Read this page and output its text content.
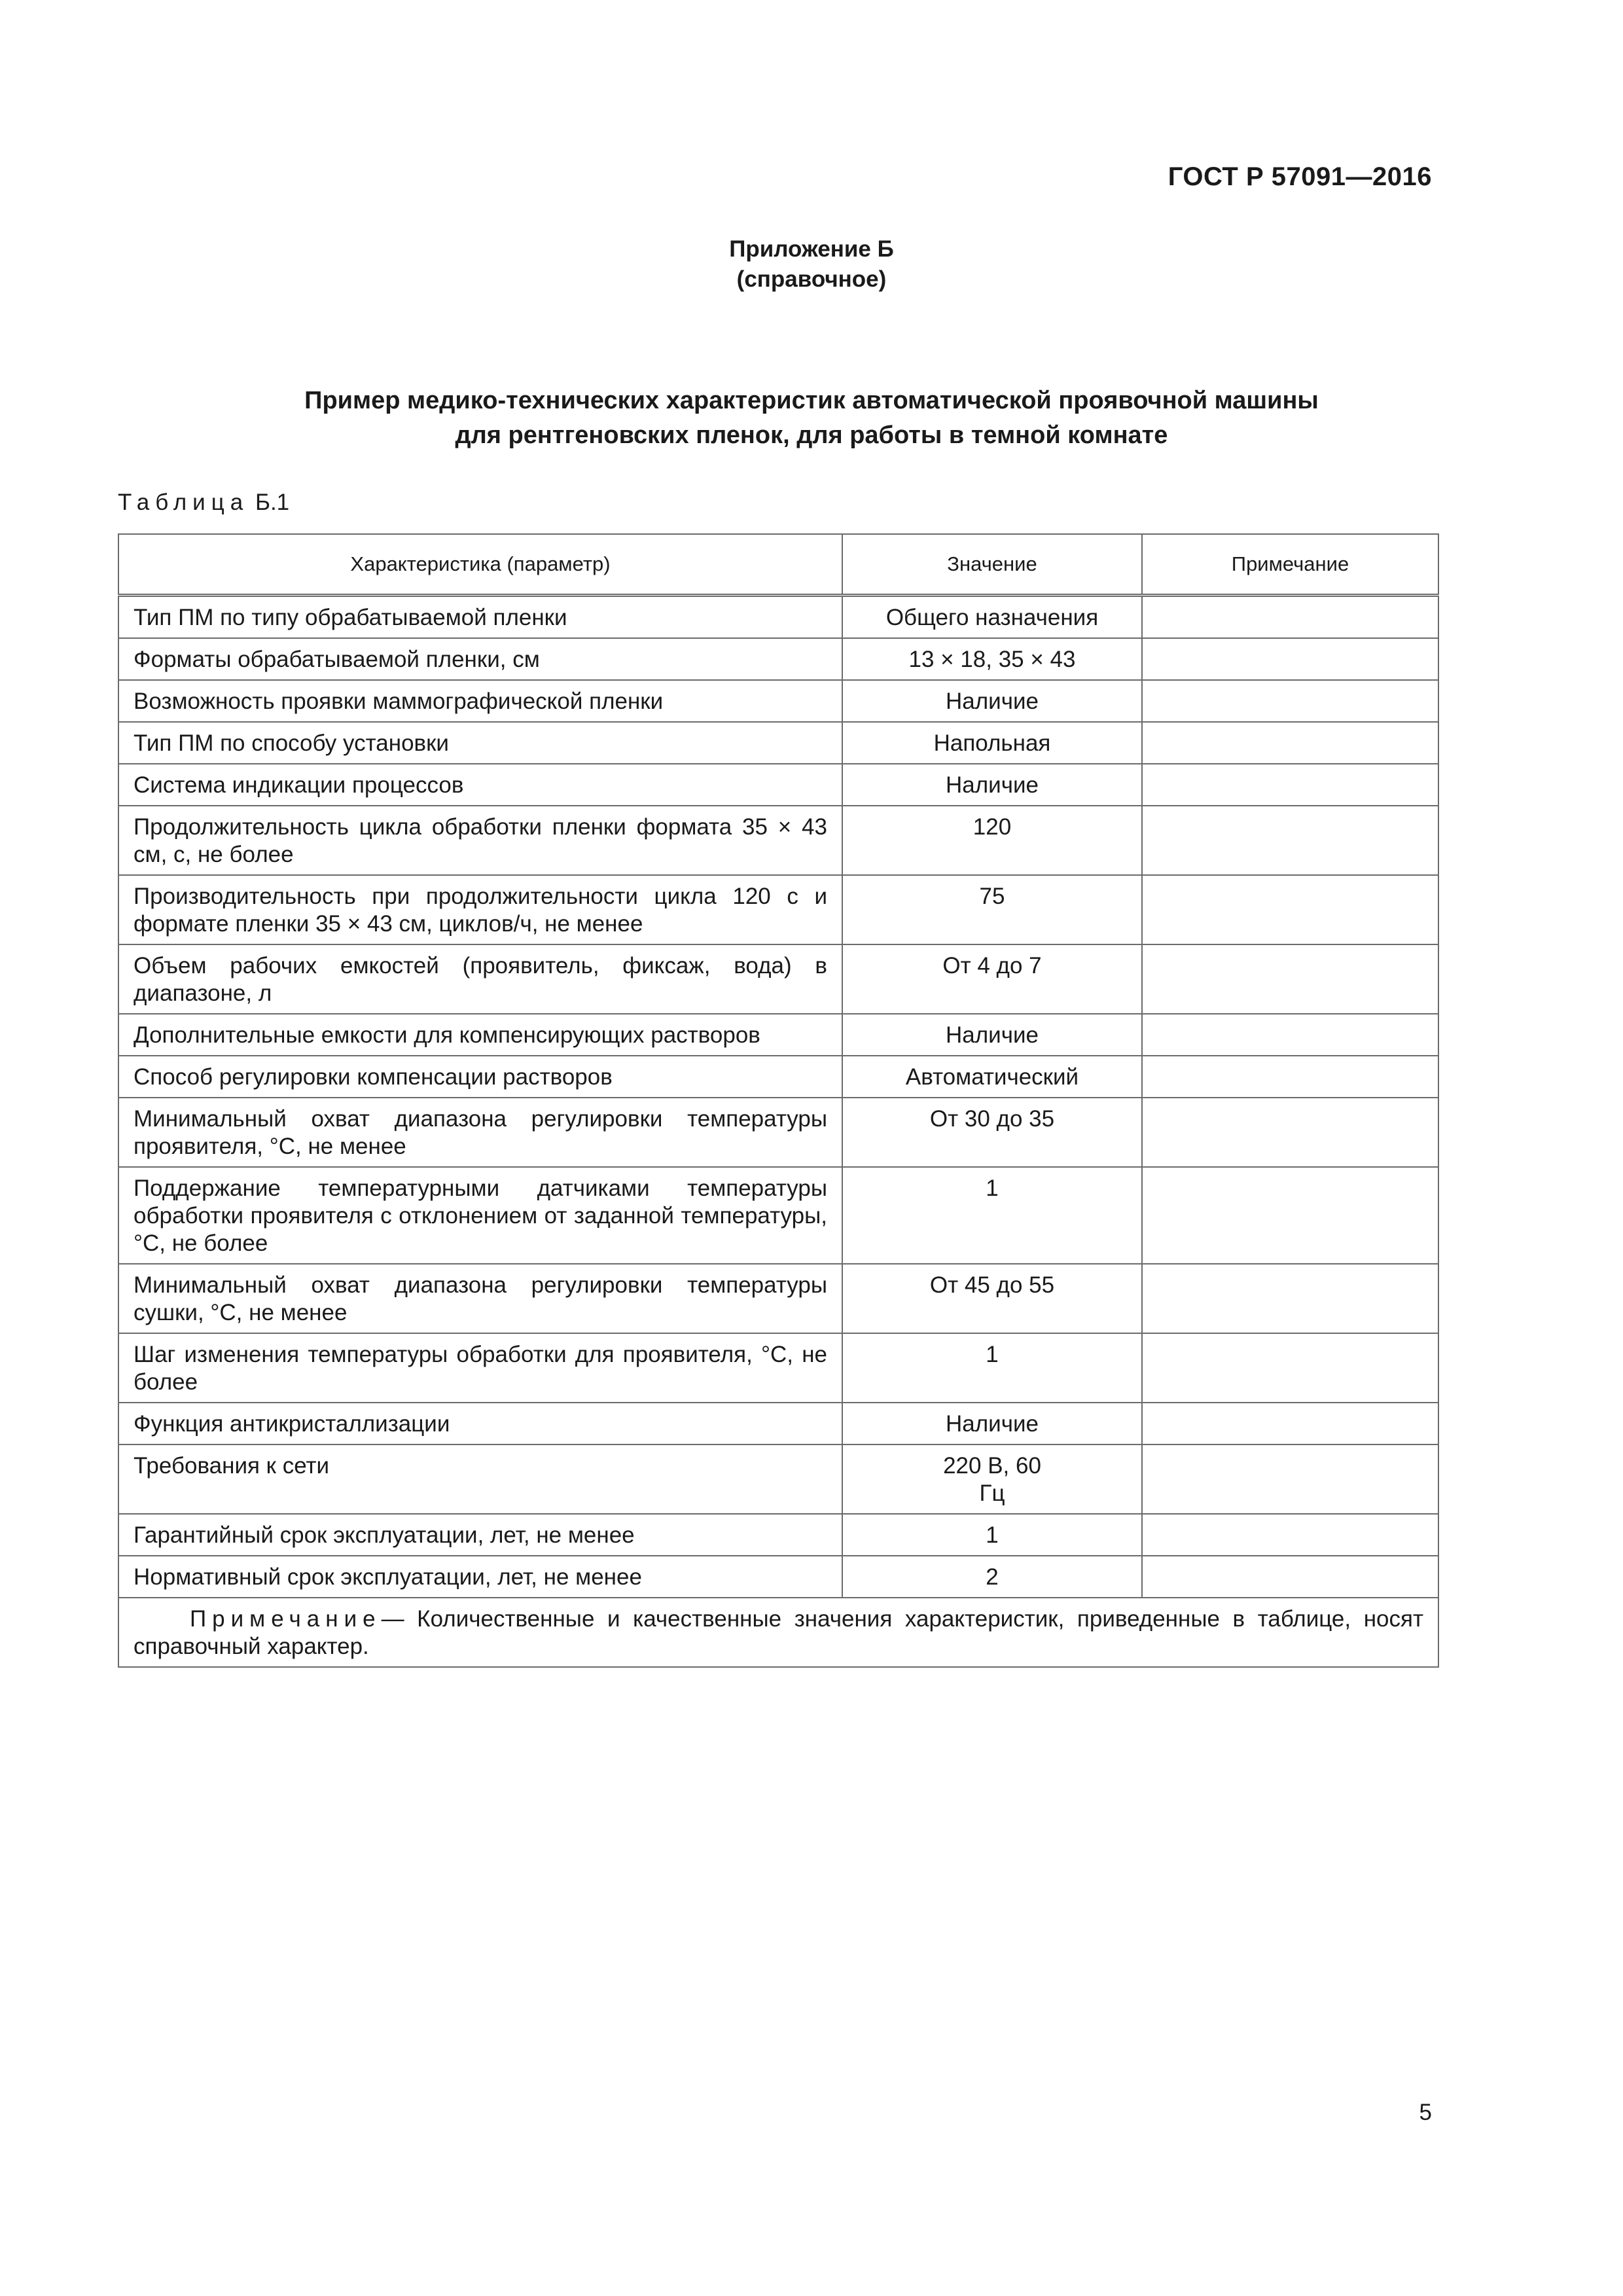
ГОСТ Р 57091—2016
Приложение Б
(справочное)
Пример медико-технических характеристик автоматической проявочной машины
для рентгеновских пленок, для работы в темной комнате
Таблица Б.1
Характеристика (параметр)	Значение	Примечание
Тип ПМ по типу обрабатываемой пленки	Общего назначения	
Форматы обрабатываемой пленки, см	13 × 18, 35 × 43	
Возможность проявки маммографической пленки	Наличие	
Тип ПМ по способу установки	Напольная	
Система индикации процессов	Наличие	
Продолжительность цикла обработки пленки формата 35 × 43 см, с, не более	120	
Производительность при продолжительности цикла 120 с и формате пленки 35 × 43 см, циклов/ч, не менее	75	
Объем рабочих емкостей (проявитель, фиксаж, вода) в диапазоне, л	От 4 до 7	
Дополнительные емкости для компенсирующих растворов	Наличие	
Способ регулировки компенсации растворов	Автоматический	
Минимальный охват диапазона регулировки температуры проявителя, °С, не менее	От 30 до 35	
Поддержание температурными датчиками температуры обработки проявителя с отклонением от заданной температуры, °С, не более	1	
Минимальный охват диапазона регулировки температуры сушки, °С, не менее	От 45 до 55	
Шаг изменения температуры обработки для проявителя, °С, не более	1	
Функция антикристаллизации	Наличие	
Требования к сети	220 В, 60 Гц	
Гарантийный срок эксплуатации, лет, не менее	1	
Нормативный срок эксплуатации, лет, не менее	2	
Примечание— Количественные и качественные значения характеристик, приведенные в таблице, носят справочный характер.		
5
